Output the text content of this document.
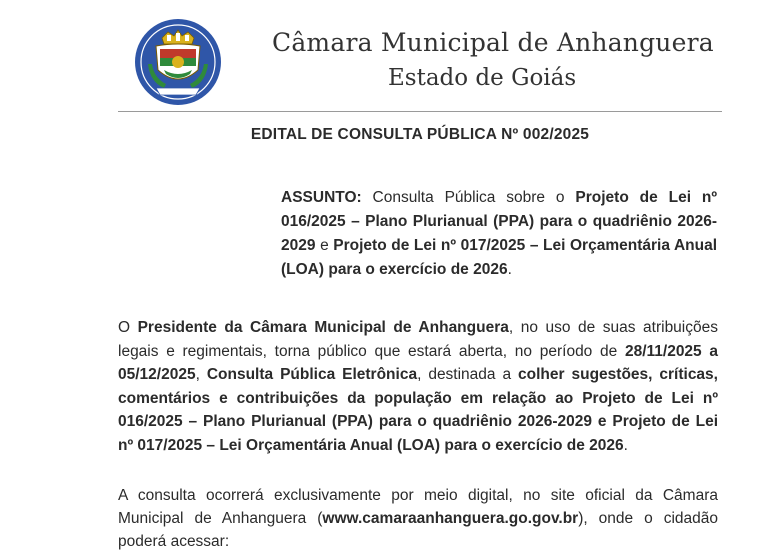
Câmara Municipal de Anhanguera
Estado de Goiás
EDITAL DE CONSULTA PÚBLICA Nº 002/2025

ASSUNTO: Consulta Pública sobre o Projeto de Lei nº 016/2025 – Plano Plurianual (PPA) para o quadriênio 2026-2029 e Projeto de Lei nº 017/2025 – Lei Orçamentária Anual (LOA) para o exercício de 2026.

O Presidente da Câmara Municipal de Anhanguera, no uso de suas atribuições legais e regimentais, torna público que estará aberta, no período de 28/11/2025 a 05/12/2025, Consulta Pública Eletrônica, destinada a colher sugestões, críticas, comentários e contribuições da população em relação ao Projeto de Lei nº 016/2025 – Plano Plurianual (PPA) para o quadriênio 2026-2029 e Projeto de Lei nº 017/2025 – Lei Orçamentária Anual (LOA) para o exercício de 2026.

A consulta ocorrerá exclusivamente por meio digital, no site oficial da Câmara Municipal de Anhanguera (www.camaraanhanguera.go.gov.br), onde o cidadão poderá acessar:
